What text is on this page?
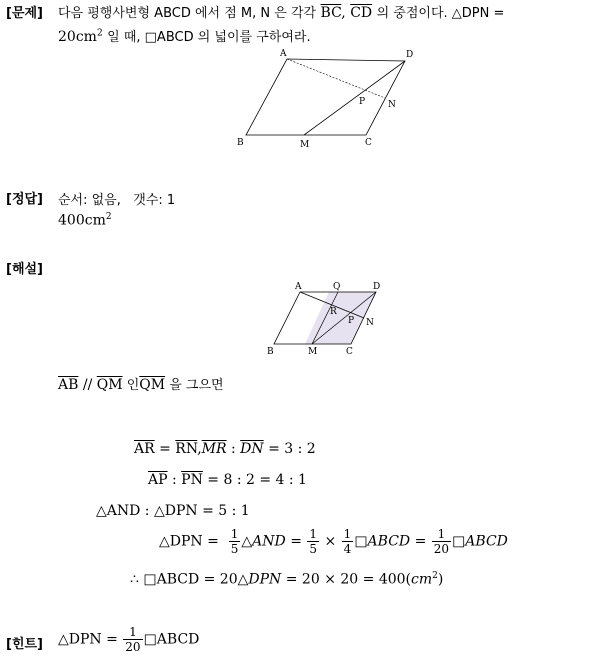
[문제] 다음 평행사변형 ABCD 에서 점 M, N 은 각각 $\overline{BC}$, $\overline{CD}$ 의 중점이다. △DPN =
$20cm^2$ 일 때, □ABCD 의 넓이를 구하여라.
A	D
B	M	C
N
P
[정답] 순서: 없음,   갯수: 1
$400cm^2$
[해설]
A	Q	D
R
P N
B	M	C
$\overline{AB} // \overline{QM}$ 인$\overline{QM}$ 을 그으면
$\overline{AR} = \overline{RN},\overline{MR}$ : $\overline{DN} = 3$ : 2
$\overline{AP}$ : $\overline{PN} = 8$ : 2 = 4 : 1
△AND : △DPN = 5 : 1
△DPN = $\frac{1}{5}$ △AND = $\frac{1}{5} \times \frac{1}{4}$ □ABCD = $\frac{1}{20}$ □ABCD
∴ □ABCD = 20△DPN = $20 \times 20 = 400(cm^2)$
[힌트] △DPN = $\frac{1}{20}$ □ABCD
